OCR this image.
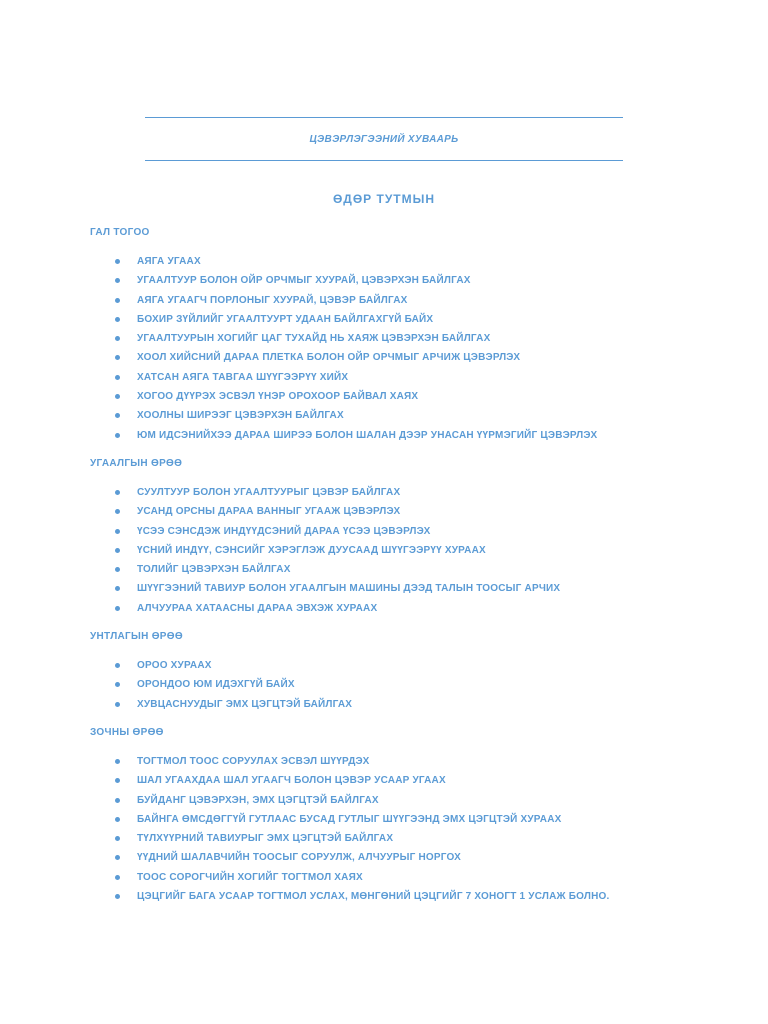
ЦЭВЭРЛЭГЭЭНИЙ ХУВААРЬ
ӨДӨР ТУТМЫН
ГАЛ ТОГОО
АЯГА УГААХ
УГААЛТУУР БОЛОН ОЙР ОРЧМЫГ ХУУРАЙ, ЦЭВЭРХЭН БАЙЛГАХ
АЯГА УГААГЧ ПОРЛОНЫГ ХУУРАЙ, ЦЭВЭР БАЙЛГАХ
БОХИР ЗҮЙЛИЙГ УГААЛТУУРТ УДААН БАЙЛГАХГҮЙ БАЙХ
УГААЛТУУРЫН ХОГИЙГ ЦАГ ТУХАЙД НЬ ХАЯЖ ЦЭВЭРХЭН БАЙЛГАХ
ХООЛ ХИЙСНИЙ ДАРАА ПЛЕТКА БОЛОН ОЙР ОРЧМЫГ АРЧИЖ ЦЭВЭРЛЭХ
ХАТСАН АЯГА ТАВГАА ШҮҮГЭЭРҮҮ ХИЙХ
ХОГОО ДҮҮРЭХ ЭСВЭЛ ҮНЭР ОРОХООР БАЙВАЛ ХАЯХ
ХООЛНЫ ШИРЭЭГ ЦЭВЭРХЭН БАЙЛГАХ
ЮМ ИДСЭНИЙХЭЭ ДАРАА ШИРЭЭ БОЛОН ШАЛАН ДЭЭР УНАСАН ҮҮРМЭГИЙГ ЦЭВЭРЛЭХ
УГААЛГЫН ӨРӨӨ
СУУЛТУУР БОЛОН УГААЛТУУРЫГ ЦЭВЭР БАЙЛГАХ
УСАНД ОРСНЫ ДАРАА ВАННЫГ УГААЖ ЦЭВЭРЛЭХ
ҮСЭЭ СЭНСДЭЖ ИНДҮҮДСЭНИЙ ДАРАА ҮСЭЭ ЦЭВЭРЛЭХ
ҮСНИЙ ИНДҮҮ, СЭНСИЙГ ХЭРЭГЛЭЖ ДУУСААД ШҮҮГЭЭРҮҮ ХУРААХ
ТОЛИЙГ ЦЭВЭРХЭН БАЙЛГАХ
ШҮҮГЭЭНИЙ ТАВИУР БОЛОН УГААЛГЫН МАШИНЫ ДЭЭД ТАЛЫН ТООСЫГ АРЧИХ
АЛЧУУРАА ХАТААСНЫ ДАРАА ЭВХЭЖ ХУРААХ
УНТЛАГЫН ӨРӨӨ
ОРОО ХУРААХ
ОРОНДОО ЮМ ИДЭХГҮЙ БАЙХ
ХУВЦАСНУУДЫГ ЭМХ ЦЭГЦТЭЙ БАЙЛГАХ
ЗОЧНЫ ӨРӨӨ
ТОГТМОЛ ТООС СОРУУЛАХ ЭСВЭЛ ШҮҮРДЭХ
ШАЛ УГААХДАА ШАЛ УГААГЧ БОЛОН ЦЭВЭР УСААР УГААХ
БУЙДАНГ ЦЭВЭРХЭН, ЭМХ ЦЭГЦТЭЙ БАЙЛГАХ
БАЙНГА ӨМСДӨГГҮЙ ГУТЛААС БУСАД ГУТЛЫГ ШҮҮГЭЭНД ЭМХ ЦЭГЦТЭЙ ХУРААХ
ТҮЛХҮҮРНИЙ ТАВИУРЫГ ЭМХ ЦЭГЦТЭЙ БАЙЛГАХ
ҮҮДНИЙ ШАЛАВЧИЙН ТООСЫГ СОРУУЛЖ, АЛЧУУРЫГ НОРГОХ
ТООС СОРОГЧИЙН ХОГИЙГ ТОГТМОЛ ХАЯХ
ЦЭЦГИЙГ БАГА УСААР ТОГТМОЛ УСЛАХ, МӨНГӨНИЙ ЦЭЦГИЙГ 7 ХОНОГТ 1 УСЛАЖ БОЛНО.
